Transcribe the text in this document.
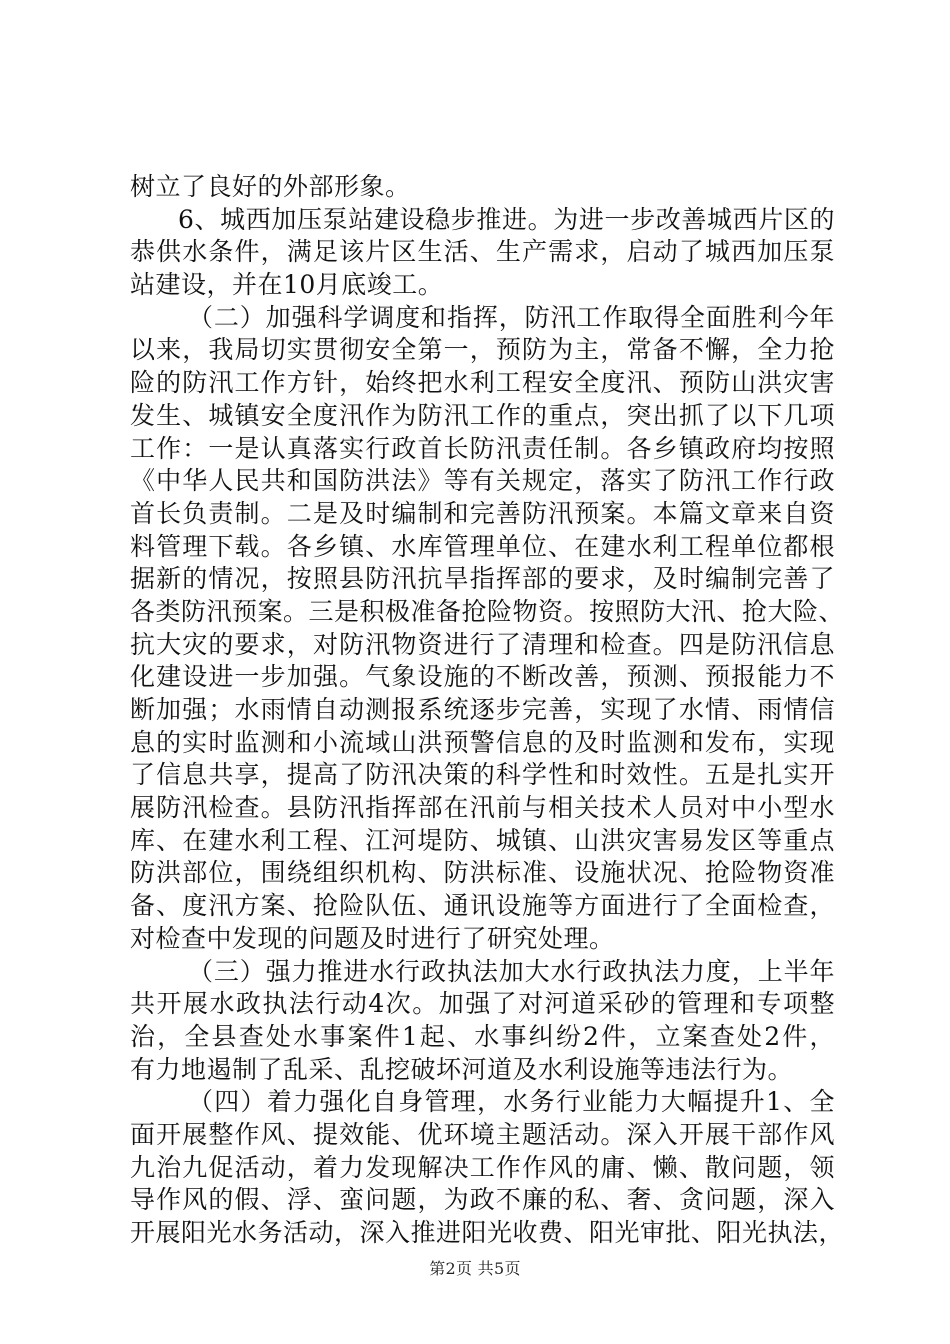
树立了良好的外部形象。
6、城西加压泵站建设稳步推进。为进一步改善城西片区的
恭供水条件，满足该片区生活、生产需求，启动了城西加压泵
站建设，并在10月底竣工。
（二）加强科学调度和指挥，防汛工作取得全面胜利今年
以来，我局切实贯彻安全第一，预防为主，常备不懈，全力抢
险的防汛工作方针，始终把水利工程安全度汛、预防山洪灾害
发生、城镇安全度汛作为防汛工作的重点，突出抓了以下几项
工作：一是认真落实行政首长防汛责任制。各乡镇政府均按照
《中华人民共和国防洪法》等有关规定，落实了防汛工作行政
首长负责制。二是及时编制和完善防汛预案。本篇文章来自资
料管理下载。各乡镇、水库管理单位、在建水利工程单位都根
据新的情况，按照县防汛抗旱指挥部的要求，及时编制完善了
各类防汛预案。三是积极准备抢险物资。按照防大汛、抢大险、
抗大灾的要求，对防汛物资进行了清理和检查。四是防汛信息
化建设进一步加强。气象设施的不断改善，预测、预报能力不
断加强；水雨情自动测报系统逐步完善，实现了水情、雨情信
息的实时监测和小流域山洪预警信息的及时监测和发布，实现
了信息共享，提高了防汛决策的科学性和时效性。五是扎实开
展防汛检查。县防汛指挥部在汛前与相关技术人员对中小型水
库、在建水利工程、江河堤防、城镇、山洪灾害易发区等重点
防洪部位，围绕组织机构、防洪标准、设施状况、抢险物资准
备、度汛方案、抢险队伍、通讯设施等方面进行了全面检查，
对检查中发现的问题及时进行了研究处理。
（三）强力推进水行政执法加大水行政执法力度，上半年
共开展水政执法行动4次。加强了对河道采砂的管理和专项整
治，全县查处水事案件1起、水事纠纷2件，立案查处2件，
有力地遏制了乱采、乱挖破坏河道及水利设施等违法行为。
（四）着力强化自身管理，水务行业能力大幅提升1、全
面开展整作风、提效能、优环境主题活动。深入开展干部作风
九治九促活动，着力发现解决工作作风的庸、懒、散问题，领
导作风的假、浮、蛮问题，为政不廉的私、奢、贪问题，深入
开展阳光水务活动，深入推进阳光收费、阳光审批、阳光执法，
第2页 共5页
